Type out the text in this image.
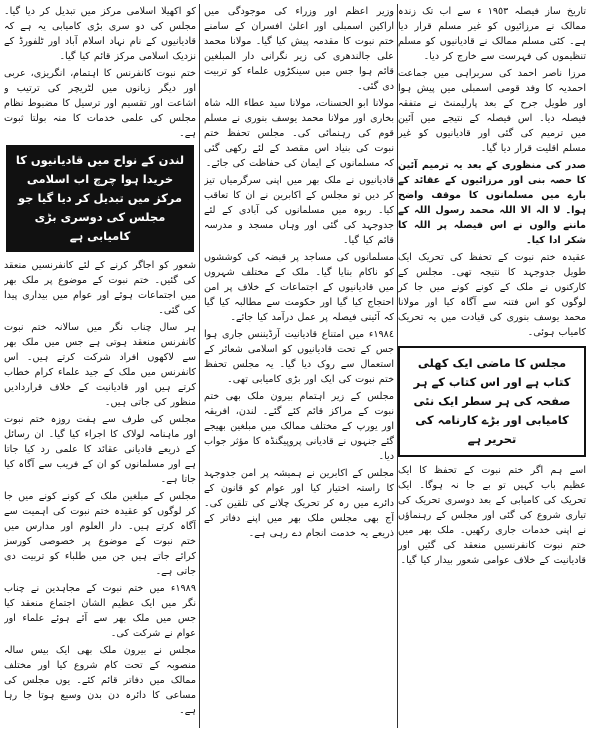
تاریخ ساز فیصلہ ١٩٥٣ ء سے اب تک زندہ ممالک نے مرزائیوں کو غیر مسلم قرار دیا ہے۔ کئی مسلم ممالک نے قادیانیوں کو مسلم تنظیموں کی فہرست سے خارج کر دیا۔

مرزا ناصر احمد کی سربراہی میں جماعت احمدیہ کا وفد قومی اسمبلی میں پیش ہوا اور طویل جرح کے بعد پارلیمنٹ نے متفقہ فیصلہ دیا۔ اس فیصلہ کے نتیجے میں آئین میں ترمیم کی گئی اور قادیانیوں کو غیر مسلم اقلیت قرار دیا گیا۔

صدر کی منظوری کے بعد یہ ترمیم آئین کا حصہ بنی اور مرزائیوں کے عقائد کے بارے میں مسلمانوں کا موقف واضح ہوا۔ لا الہ الا اللہ محمد رسول اللہ کے ماننے والوں نے اس فیصلہ پر اللہ کا شکر ادا کیا۔

عقیدہ ختم نبوت کے تحفظ کی تحریک ایک طویل جدوجہد کا نتیجہ تھی۔ مجلس کے کارکنوں نے ملک کے کونے کونے میں جا کر لوگوں کو اس فتنہ سے آگاہ کیا اور مولانا محمد یوسف بنوری کی قیادت میں یہ تحریک کامیاب ہوئی۔

مجلس کا ماضی ایک کھلی کتاب ہے اور اس کتاب کے ہر صفحہ کی ہر سطر ایک نئی کامیابی اور بڑے کارنامہ کی تحریر ہے

اسے ہم اگر ختم نبوت کے تحفظ کا ایک عظیم باب کہیں تو بے جا نہ ہوگا۔ ایک تحریک کی کامیابی کے بعد دوسری تحریک کی تیاری شروع کی گئی اور مجلس کے رہنماؤں نے اپنی خدمات جاری رکھیں۔ ملک بھر میں ختم نبوت کانفرنسیں منعقد کی گئیں اور قادیانیت کے خلاف عوامی شعور بیدار کیا گیا۔

وزیر اعظم اور وزراء کی موجودگی میں اراکین اسمبلی اور اعلیٰ افسران کے سامنے ختم نبوت کا مقدمہ پیش کیا گیا۔ مولانا محمد علی جالندھری کی زیر نگرانی دار المبلغین قائم ہوا جس میں سینکڑوں علماء کو تربیت دی گئی۔

مولانا ابو الحسنات، مولانا سید عطاء اللہ شاہ بخاری اور مولانا محمد یوسف بنوری نے مسلم قوم کی رہنمائی کی۔ مجلس تحفظ ختم نبوت کی بنیاد اس مقصد کے لئے رکھی گئی کہ مسلمانوں کے ایمان کی حفاظت کی جائے۔

قادیانیوں نے ملک بھر میں اپنی سرگرمیاں تیز کر دیں تو مجلس کے اکابرین نے ان کا تعاقب کیا۔ ربوہ میں مسلمانوں کی آبادی کے لئے جدوجہد کی گئی اور وہاں مسجد و مدرسہ قائم کیا گیا۔

مسلمانوں کی مساجد پر قبضہ کی کوششوں کو ناکام بنایا گیا۔ ملک کے مختلف شہروں میں قادیانیوں کے اجتماعات کے خلاف پر امن احتجاج کیا گیا اور حکومت سے مطالبہ کیا گیا کہ آئینی فیصلہ پر عمل درآمد کیا جائے۔

١٩٨٤ء میں امتناع قادیانیت آرڈیننس جاری ہوا جس کے تحت قادیانیوں کو اسلامی شعائر کے استعمال سے روک دیا گیا۔ یہ مجلس تحفظ ختم نبوت کی ایک اور بڑی کامیابی تھی۔

مجلس کے زیر اہتمام بیرون ملک بھی ختم نبوت کے مراکز قائم کئے گئے۔ لندن، افریقہ اور یورپ کے مختلف ممالک میں مبلغین بھیجے گئے جنہوں نے قادیانی پروپیگنڈہ کا مؤثر جواب دیا۔

مجلس کے اکابرین نے ہمیشہ پر امن جدوجہد کا راستہ اختیار کیا اور عوام کو قانون کے دائرے میں رہ کر تحریک چلانے کی تلقین کی۔ آج بھی مجلس ملک بھر میں اپنے دفاتر کے ذریعے یہ خدمت انجام دے رہی ہے۔

کو اکھیلا اسلامی مرکز میں تبدیل کر دیا گیا۔ مجلس کی دو سری بڑی کامیابی یہ ہے کہ قادیانیوں کے نام نہاد اسلام آباد اور ٹلفورڈ کے نزدیک اسلامی مرکز قائم کیا گیا۔

ختم نبوت کانفرنس کا اہتمام، انگریزی، عربی اور دیگر زبانوں میں لٹریچر کی ترتیب و اشاعت اور تقسیم اور ترسیل کا مضبوط نظام مجلس کی علمی خدمات کا منہ بولتا ثبوت ہے۔

لندن کے نواح میں قادیانیوں کا خریدا ہوا چرچ اب اسلامی مرکز میں تبدیل کر دیا گیا جو مجلس کی دوسری بڑی کامیابی ہے

شعور کو اجاگر کرنے کے لئے کانفرنسیں منعقد کی گئیں۔ ختم نبوت کے موضوع پر ملک بھر میں اجتماعات ہوئے اور عوام میں بیداری پیدا کی گئی۔

ہر سال چناب نگر میں سالانہ ختم نبوت کانفرنس منعقد ہوتی ہے جس میں ملک بھر سے لاکھوں افراد شرکت کرتے ہیں۔ اس کانفرنس میں ملک کے جید علماء کرام خطاب کرتے ہیں اور قادیانیت کے خلاف قراردادیں منظور کی جاتی ہیں۔

مجلس کی طرف سے ہفت روزہ ختم نبوت اور ماہنامہ لولاک کا اجراء کیا گیا۔ ان رسائل کے ذریعے قادیانی عقائد کا علمی رد کیا جاتا ہے اور مسلمانوں کو ان کے فریب سے آگاہ کیا جاتا ہے۔

مجلس کے مبلغین ملک کے کونے کونے میں جا کر لوگوں کو عقیدہ ختم نبوت کی اہمیت سے آگاہ کرتے ہیں۔ دار العلوم اور مدارس میں ختم نبوت کے موضوع پر خصوصی کورسز کرائے جاتے ہیں جن میں طلباء کو تربیت دی جاتی ہے۔

١٩٨٩ء میں ختم نبوت کے مجاہدین نے چناب نگر میں ایک عظیم الشان اجتماع منعقد کیا جس میں ملک بھر سے آئے ہوئے علماء اور عوام نے شرکت کی۔

مجلس نے بیرون ملک بھی ایک بیس سالہ منصوبہ کے تحت کام شروع کیا اور مختلف ممالک میں دفاتر قائم کئے۔ یوں مجلس کی مساعی کا دائرہ دن بدن وسیع ہوتا جا رہا ہے۔
